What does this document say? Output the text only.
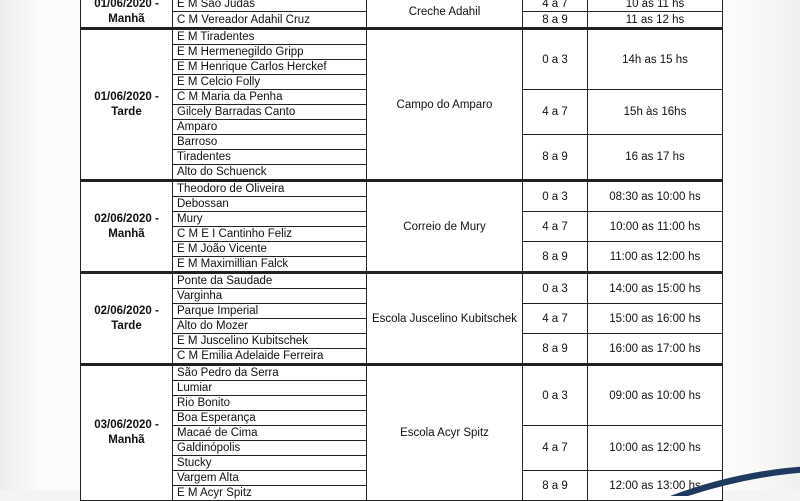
01/06/2020 -
Manhã	E M São Judas	Creche Adahil	4 a 7	10 as 11 hs
	C M Vereador Adahil Cruz		8 a 9	11 as 12 hs
01/06/2020 -
Tarde	E M Tiradentes	Campo do Amparo	0 a 3	14h as 15 hs
	E M Hermenegildo Gripp			
	E M Henrique Carlos Herckef			
	E M Celcio Folly			
	C M Maria da Penha		4 a 7	15h às 16hs
	Gilcely Barradas Canto			
	Amparo			
	Barroso		8 a 9	16 as 17 hs
	Tiradentes			
	Alto do Schuenck			
02/06/2020 -
Manhã	Theodoro de Oliveira	Correio de Mury	0 a 3	08:30 as 10:00 hs
	Debossan			
	Mury		4 a 7	10:00 as 11:00 hs
	C M E I Cantinho Feliz			
	E M João Vicente		8 a 9	11:00 as 12:00 hs
	E M Maximillian Falck			
02/06/2020 -
Tarde	Ponte da Saudade	Escola Juscelino Kubitschek	0 a 3	14:00 as 15:00 hs
	Varginha			
	Parque Imperial		4 a 7	15:00 as 16:00 hs
	Alto do Mozer			
	E M Juscelino Kubitschek		8 a 9	16:00 as 17:00 hs
	C M Emilia Adelaide Ferreira			
03/06/2020 -
Manhã	São Pedro da Serra	Escola Acyr Spitz	0 a 3	09:00 as 10:00 hs
	Lumiar			
	Rio Bonito			
	Boa Esperança			
	Macaé de Cima		4 a 7	10:00 as 12:00 hs
	Galdinópolis			
	Stucky			
	Vargem Alta		8 a 9	12:00 as 13:00 hs
	E M Acyr Spitz			
